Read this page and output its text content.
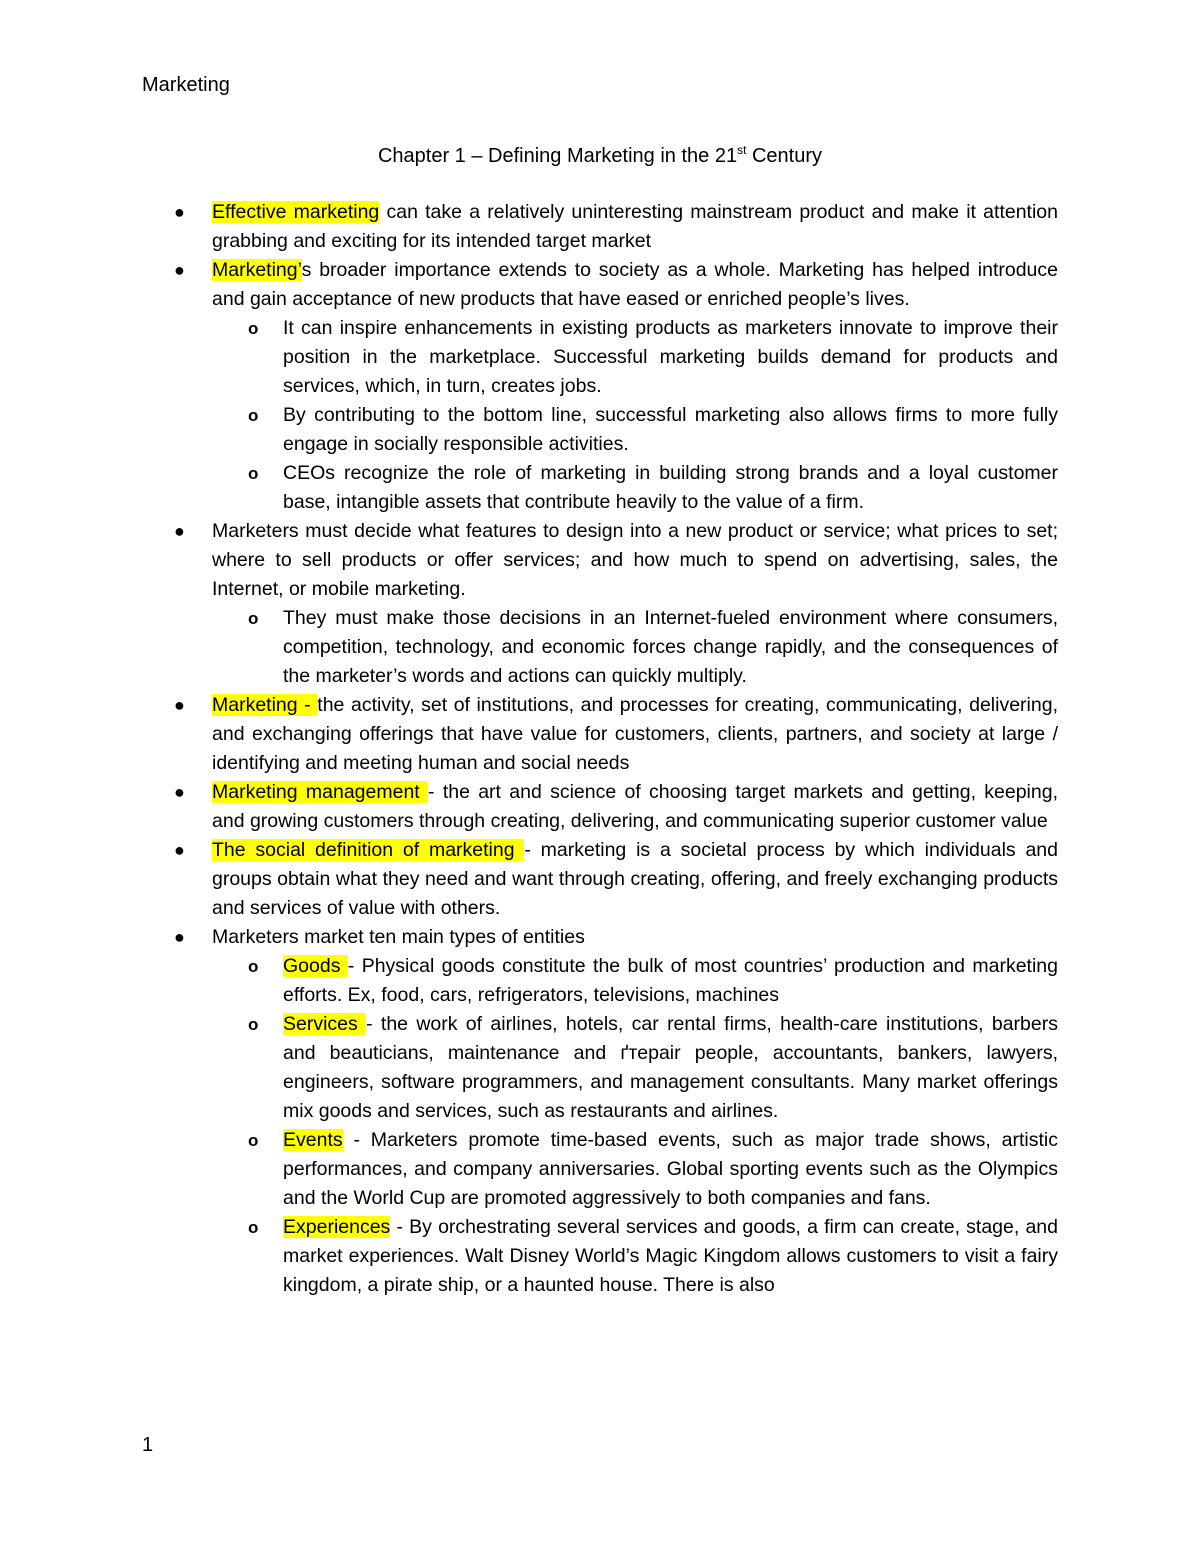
Marketing
Chapter 1 – Defining Marketing in the 21st Century
● Effective marketing can take a relatively uninteresting mainstream product and make it attention grabbing and exciting for its intended target market
● Marketing’s broader importance extends to society as a whole. Marketing has helped introduce and gain acceptance of new products that have eased or enriched people’s lives.
o It can inspire enhancements in existing products as marketers innovate to improve their position in the marketplace. Successful marketing builds demand for products and services, which, in turn, creates jobs.
o By contributing to the bottom line, successful marketing also allows firms to more fully engage in socially responsible activities.
o CEOs recognize the role of marketing in building strong brands and a loyal customer base, intangible assets that contribute heavily to the value of a firm.
● Marketers must decide what features to design into a new product or service; what prices to set; where to sell products or offer services; and how much to spend on advertising, sales, the Internet, or mobile marketing.
o They must make those decisions in an Internet-fueled environment where consumers, competition, technology, and economic forces change rapidly, and the consequences of the marketer’s words and actions can quickly multiply.
● Marketing - the activity, set of institutions, and processes for creating, communicating, delivering, and exchanging offerings that have value for customers, clients, partners, and society at large / identifying and meeting human and social needs
● Marketing management - the art and science of choosing target markets and getting, keeping, and growing customers through creating, delivering, and communicating superior customer value
● The social definition of marketing - marketing is a societal process by which individuals and groups obtain what they need and want through creating, offering, and freely exchanging products and services of value with others.
● Marketers market ten main types of entities
o Goods - Physical goods constitute the bulk of most countries’ production and marketing efforts. Ex, food, cars, refrigerators, televisions, machines
o Services - the work of airlines, hotels, car rental firms, health-care institutions, barbers and beauticians, maintenance and ґтepair people, accountants, bankers, lawyers, engineers, software programmers, and management consultants. Many market offerings mix goods and services, such as restaurants and airlines.
o Events - Marketers promote time-based events, such as major trade shows, artistic performances, and company anniversaries. Global sporting events such as the Olympics and the World Cup are promoted aggressively to both companies and fans.
o Experiences - By orchestrating several services and goods, a firm can create, stage, and market experiences. Walt Disney World’s Magic Kingdom allows customers to visit a fairy kingdom, a pirate ship, or a haunted house. There is also
1
